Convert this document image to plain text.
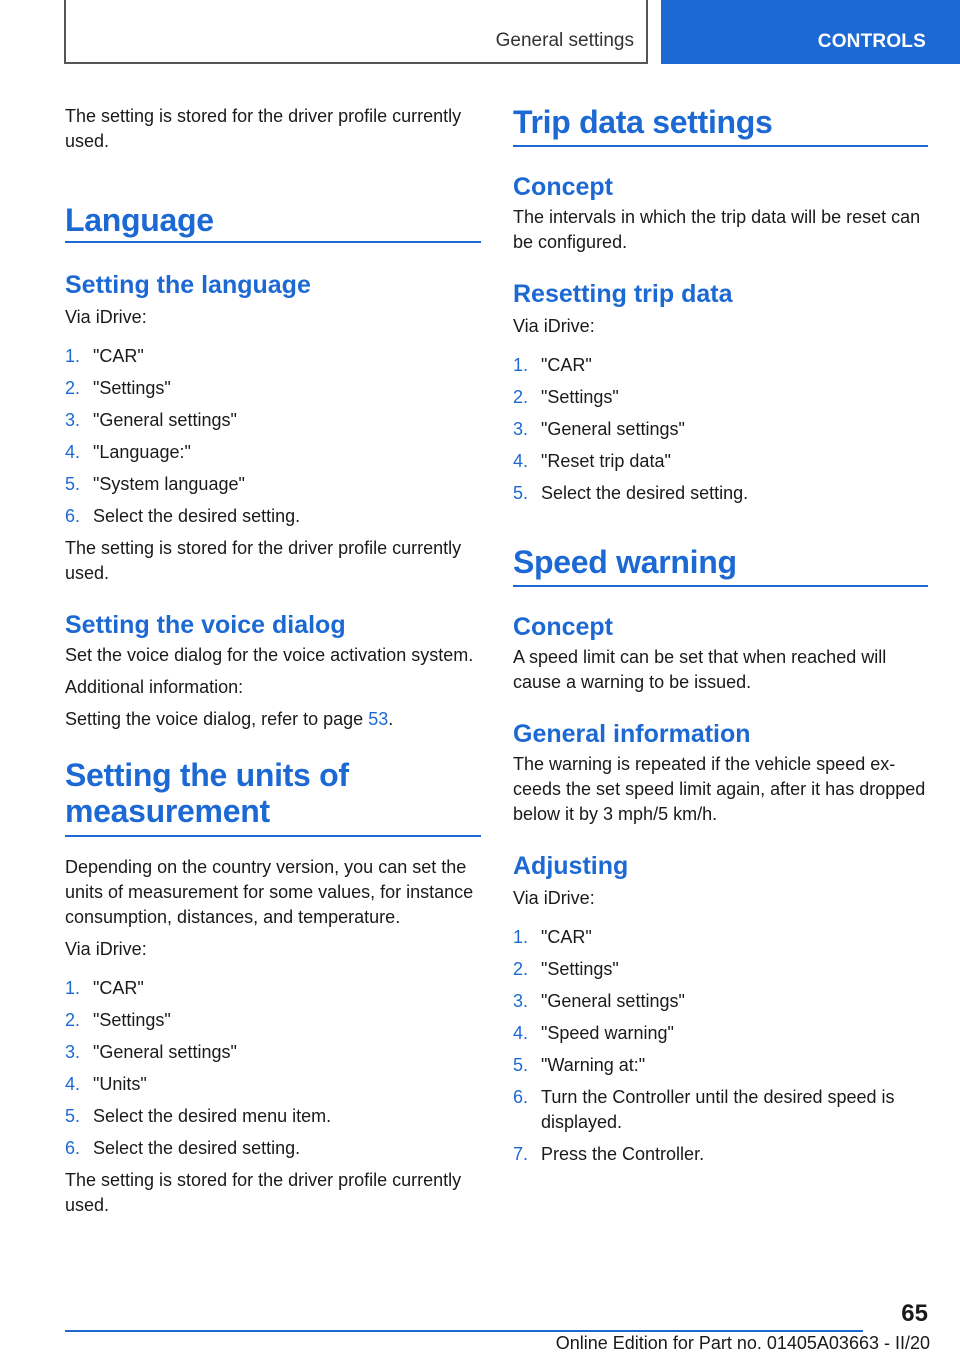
General settings	CONTROLS

The setting is stored for the driver profile currently used.

Language
Setting the language

Via iDrive:

1. "CAR"
2. "Settings"
3. "General settings"
4. "Language:"
5. "System language"
6. Select the desired setting.

The setting is stored for the driver profile currently used.

Setting the voice dialog

Set the voice dialog for the voice activation system.

Additional information:

Setting the voice dialog, refer to page 53.

Setting the units of measurement

Depending on the country version, you can set the units of measurement for some values, for instance consumption, distances, and temperature.

Via iDrive:

1. "CAR"
2. "Settings"
3. "General settings"
4. "Units"
5. Select the desired menu item.
6. Select the desired setting.

The setting is stored for the driver profile currently used.

Trip data settings
Concept

The intervals in which the trip data will be reset can be configured.

Resetting trip data

Via iDrive:

1. "CAR"
2. "Settings"
3. "General settings"
4. "Reset trip data"
5. Select the desired setting.
Speed warning
Concept

A speed limit can be set that when reached will cause a warning to be issued.

General information

The warning is repeated if the vehicle speed exceeds the set speed limit again, after it has dropped below it by 3 mph/5 km/h.

Adjusting

Via iDrive:

1. "CAR"
2. "Settings"
3. "General settings"
4. "Speed warning"
5. "Warning at:"
6. Turn the Controller until the desired speed is displayed.
7. Press the Controller.
65
Online Edition for Part no. 01405A03663 - II/20
